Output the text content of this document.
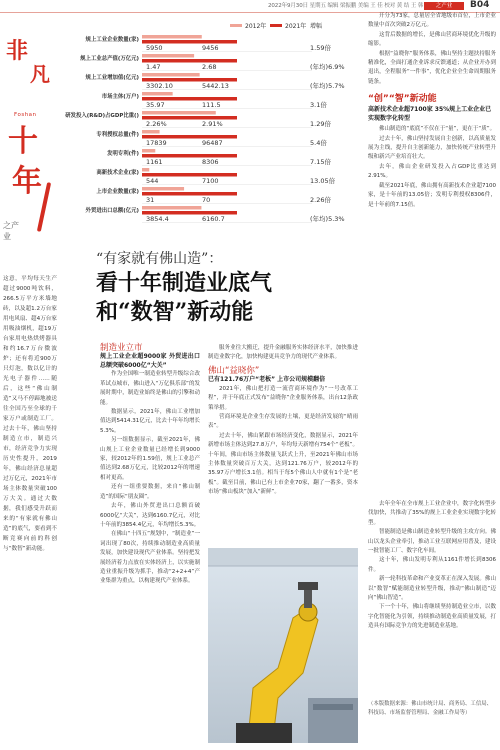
2022年9月30日 星期五 编辑 梁振鹏 美编 王 佳 校对 黄 结 王 韩	之产业	B04
非
凡
Foshan
十
年
之产业
这意，平均每天生产超过9000吨饮料，266.5万平方米墙地砖，以及超1.2万台家用电风扇、超4万台家用吸油烟机，超19万台家用电热烘烤器具和约16.7万台微波炉；还有将近900万只灯泡，数以亿计的光电子器件……随后，这些“佛山制造”又马不停蹄地被送往全国乃至全球的千家万户或制造工厂。过去十年，佛山坚持制造立市，制造兴市，经济竞争力实现历史性提升，2019年，佛山经济总量超过万亿元，2021年市场主体数量突破100万大关。通过大数据，我们感受升跃而来的“有家就有佛山造”的底气，要看到不断竞赛向前的科创与“数智”新动能。
2012年	2021年 增幅
规上工业企业数量(家)
5950	9456	1.59倍
规上工业总产值(万亿元)
1.47	2.68	(年均)6.9%
规上工业增加值(亿元)
3302.10	5442.13	(年均)5.7%
市场主体(万户)
35.97	111.5	3.1倍
研发投入(R&D)占GDP比重()
2.26%	2.91%	1.29倍
专利授权总量(件)
17839	96487	5.4倍
发明专利(件)
1161	8306	7.15倍
高新技术企业(家)
544	7100	13.05倍
上市企业数量(家)
31	70	2.26倍
外贸进出口总额(亿元)
3854.4	6160.7	(年均)5.3%

开分为73家，总量居全省地级市首位，上市企业数量中首次突破2万亿元。

这背后数据的增长，是佛山营商环境优化升级的缩影。

根据“益晓你”服务体系，佛山坚持主题扶持服务精准化，全面打通企业诉求反馈通道；从企业开办到退出，全程服务“一件事”，优化企业全生命周期服务链条。

“创”“智”新动能
高新技术企业超7100家 35%规上工业企业已实现数字化转型

佛山制造的“底底”不仅在于“量”，更在于“质”。

过去十年，佛山坚持发展自主创新，以高质量发展为主线，提升自主创新能力，加快传统产业转型升级和新兴产业培育壮大。

去年，佛山企业研发投入占GDP比重达到2.91%。

截至2021年底，佛山拥有高新技术企业超7100家，是十年前的13.05倍；发明专利授权8306件，是十年前的7.15倍。

“有家就有佛山造”：
看十年制造业底气
和“数智”新动能

制造业立市

规上工业企业超9000家 外贸进出口总额突破6000亿“大关”

作为全国唯一制造业转型升级综合改革试点城市，佛山进入“万亿俱乐部”的发展时期中，制造业始终是佛山的引擎和动能。

数据显示，2021年，佛山工业增加值达到5414.31亿元，比去十年年均增长5.3%。

另一组数据显示，截至2021年，佛山规上工业企业数量已经增长到9000家，较2012年的1.59倍，规上工业总产值达到2.68万亿元，比较2012年的增速相对更高。

还有一组重要数据，来自“佛山制造”的国际“朋友圈”。

去年，佛山外贸进出口总额首破6000亿“大关”，达到6160.7亿元，对比十年前的3854.4亿元，年均增长5.3%。

在佛山“十四五”规划中，“制造业”一词出现了80次，持续推动制造业高质量发展，加快建设现代产业体系。坚持把发展经济着力点放在实体经济上，以实施制造业重振升级为抓手，推动“2+2+4”产业集群为重点，以构建现代产业体系。

服务业往大搬迁，提升金融服务实体经济水平，加快推进制造业数字化，加快构建更具竞争力的现代产业体系。

佛山“益晓你”

已有121.76万户“老板” 上市公司规模翻倍

2021年，佛山把打造一流营商环境作为“一号改革工程”，并于年底正式发布“益晓你”企业服务体系，出台12条政策举措。

营商环境是企业生存发展的土壤，更是经济发展的“晴雨表”。

过去十年，佛山紧跟市场经济变化，数据显示，2021年新增市场主体达到27.8万户，年均每天新增有754个“老板”。十年间，佛山市场主体数量飞跃式上升，至2021年佛山市场主体数量突破百万大关，达到121.76万户，较2012年的35.97万户增长3.1倍。相当于每5个佛山人中就有1个是“老板”。截至目前，佛山已有上市企业70家，翻了一番多，资本市场“佛山板块”加入“新鲜”。

去年全年在全市规上工业企业中，数字化转型步伐加快，共推动了35%的规上工业企业实现数字化转型。

智能制造是佛山制造业转型升级的主攻方向。佛山以龙头企业牵引，推动工业互联网应用普及，建设一批智能工厂、数字化车间。

这十年，佛山发明专利从1161件增长到8306件。

新一轮科技革命和产业变革正在深入发展。佛山以“数智”赋能制造业转型升级，推动“佛山制造”迈向“佛山智造”。

下一个十年，佛山将继续坚持制造业立市，以数字化智能化为引领，持续推动制造业高质量发展，打造具有国际竞争力的先进制造业基地。

（本版数据来源：佛山市统计局、商务局、工信局、科技局、市场监督管理局、金融工作局等）
